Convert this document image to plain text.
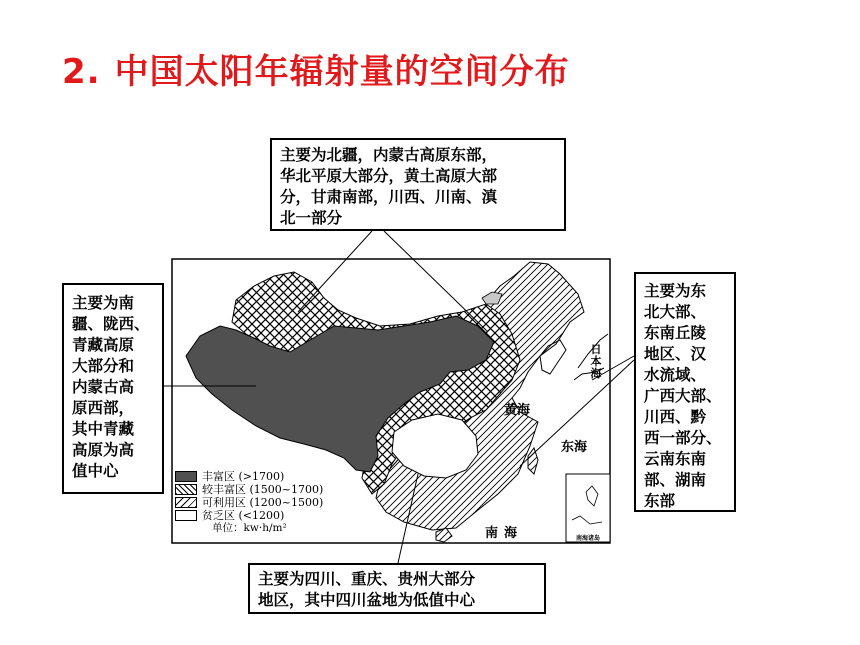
2. 中国太阳年辐射量的空间分布
黄海
东海
南海
日本海
南海诸岛
丰富区 (>1700)
较丰富区 (1500~1700)
可利用区 (1200~1500)
贫乏区 (<1200)
单位：kw·h/m²
主要为北疆，内蒙古高原东部，
华北平原大部分，黄土高原大部
分，甘肃南部，川西、川南、滇
北一部分
主要为南
疆、陇西、
青藏高原
大部分和
内蒙古高
原西部，
其中青藏
高原为高
值中心
主要为东
北大部、
东南丘陵
地区、汉
水流域、
广西大部、
川西、黔
西一部分、
云南东南
部、湖南
东部
主要为四川、重庆、贵州大部分
地区，其中四川盆地为低值中心
